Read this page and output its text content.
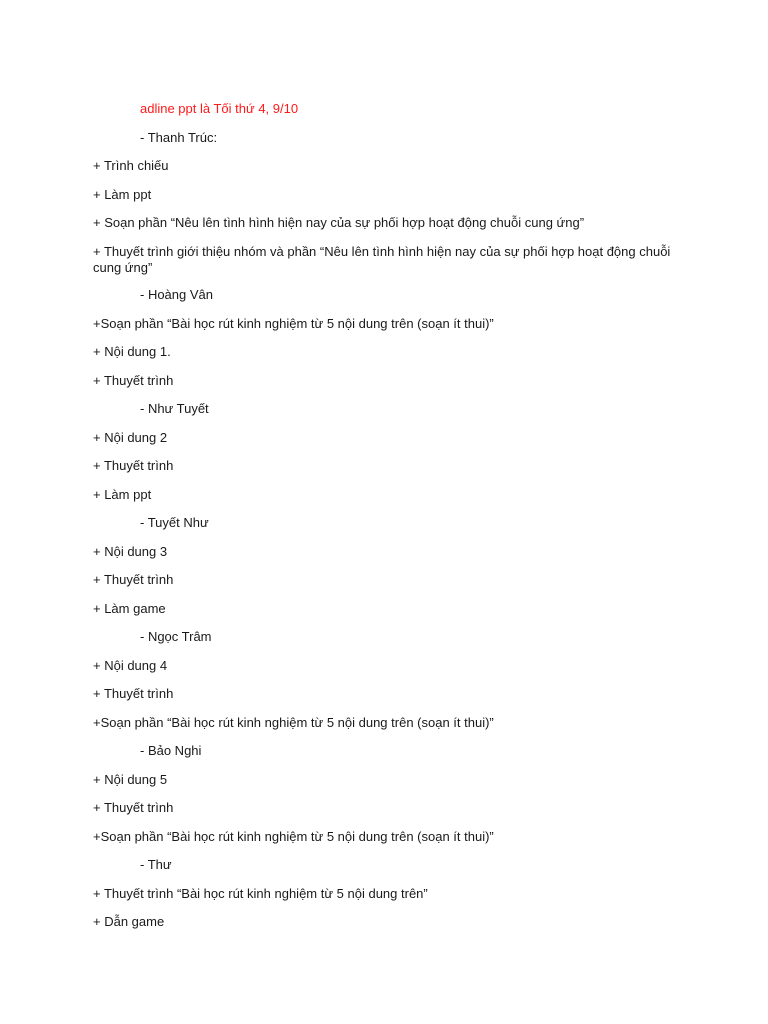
adline ppt là Tối thứ 4, 9/10
- Thanh Trúc:
+ Trình chiếu
+ Làm ppt
+ Soạn phần “Nêu lên tình hình hiện nay của sự phối hợp hoạt động chuỗi cung ứng”
+ Thuyết trình giới thiệu nhóm và phần “Nêu lên tình hình hiện nay của sự phối hợp hoạt động chuỗi cung ứng”
- Hoàng Vân
+Soạn phần “Bài học rút kinh nghiệm từ 5 nội dung trên (soạn ít thui)”
+ Nội dung 1.
+ Thuyết trình
- Như Tuyết
+ Nội dung 2
+ Thuyết trình
+ Làm ppt
- Tuyết Như
+ Nội dung 3
+ Thuyết trình
+ Làm game
- Ngọc Trâm
+ Nội dung 4
+ Thuyết trình
+Soạn phần “Bài học rút kinh nghiệm từ 5 nội dung trên (soạn ít thui)”
- Bảo Nghi
+ Nội dung 5
+ Thuyết trình
+Soạn phần “Bài học rút kinh nghiệm từ 5 nội dung trên (soạn ít thui)”
- Thư
+ Thuyết trình “Bài học rút kinh nghiệm từ 5 nội dung trên”
+ Dẫn game
